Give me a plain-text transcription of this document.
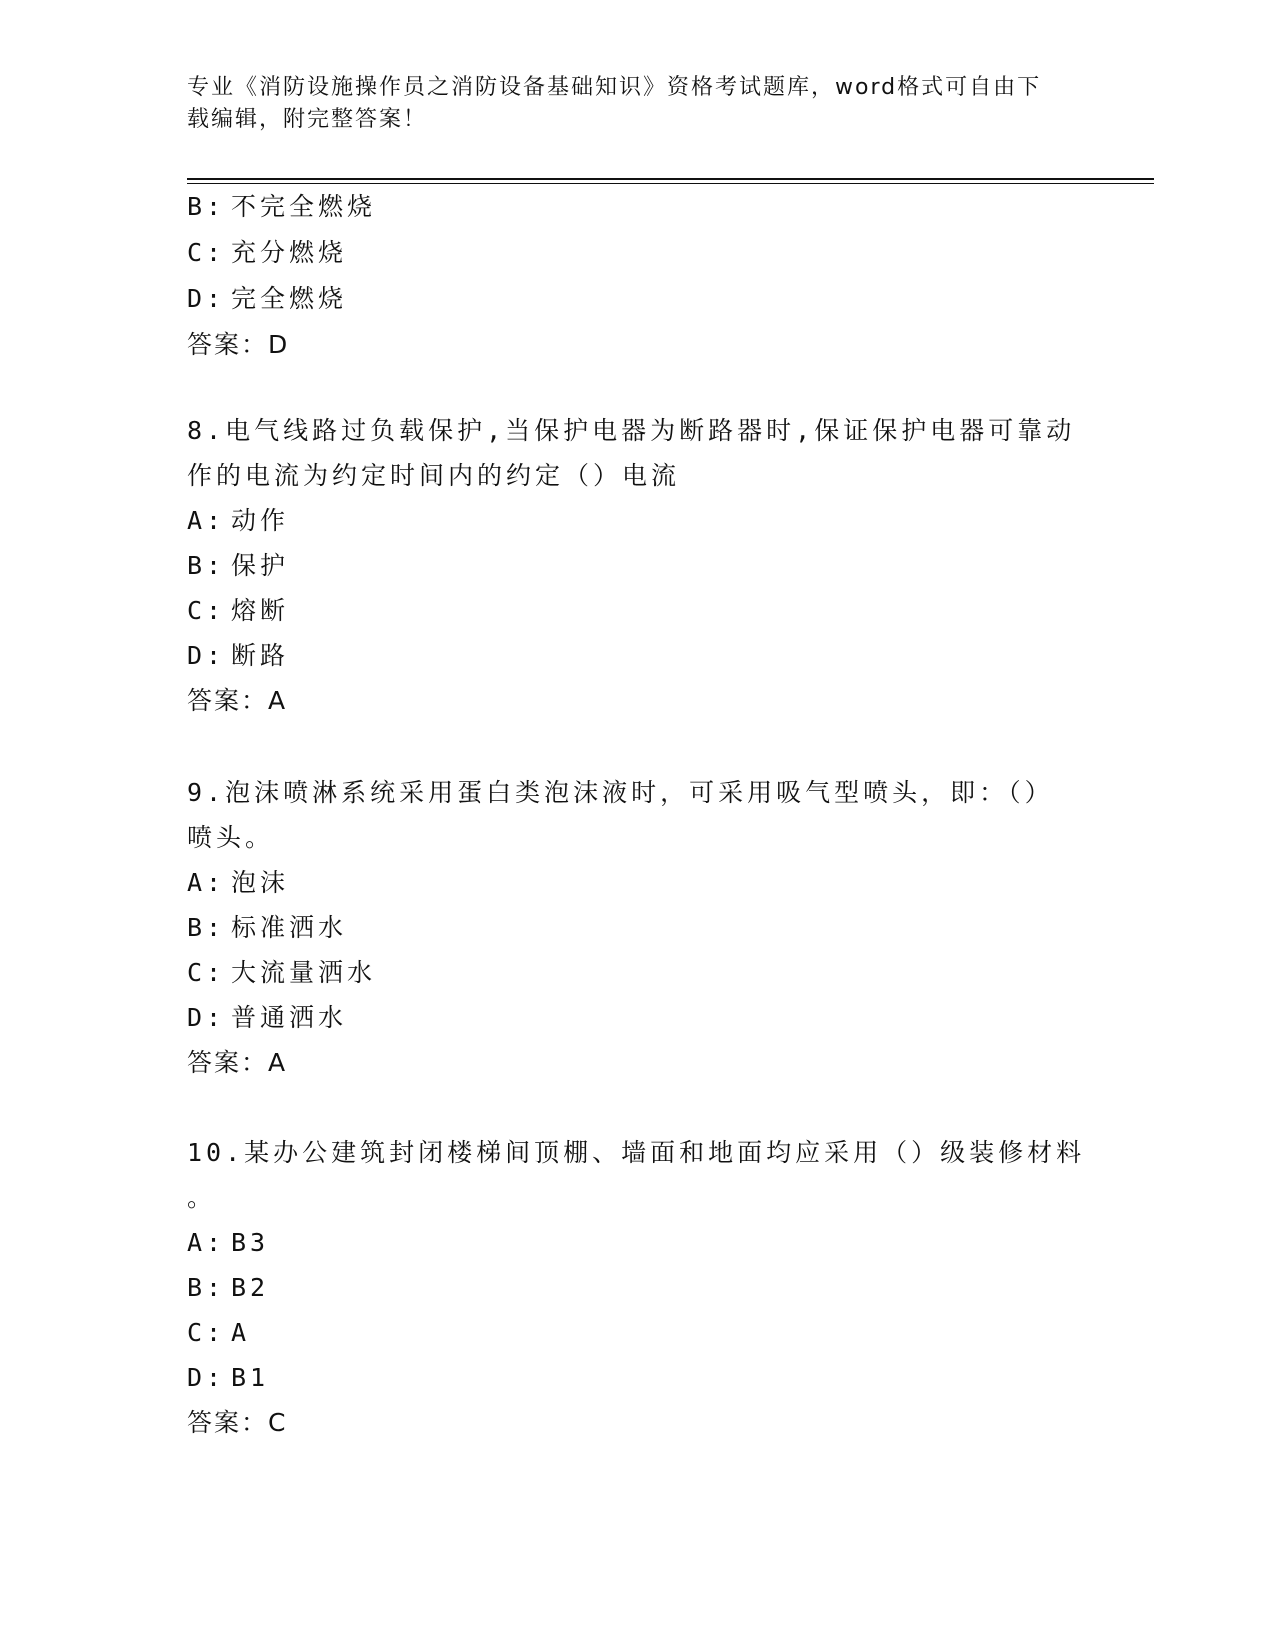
专业《消防设施操作员之消防设备基础知识》资格考试题库，word格式可自由下
载编辑，附完整答案！
B: 不完全燃烧
C: 充分燃烧
D: 完全燃烧
答案：D
8.电气线路过负载保护,当保护电器为断路器时,保证保护电器可靠动
作的电流为约定时间内的约定（）电流
A: 动作
B: 保护
C: 熔断
D: 断路
答案：A
9.泡沫喷淋系统采用蛋白类泡沫液时，可采用吸气型喷头，即：（）
喷头。
A: 泡沫
B: 标准洒水
C: 大流量洒水
D: 普通洒水
答案：A
10.某办公建筑封闭楼梯间顶棚、墙面和地面均应采用（）级装修材料
。
A: B3
B: B2
C: A
D: B1
答案：C
